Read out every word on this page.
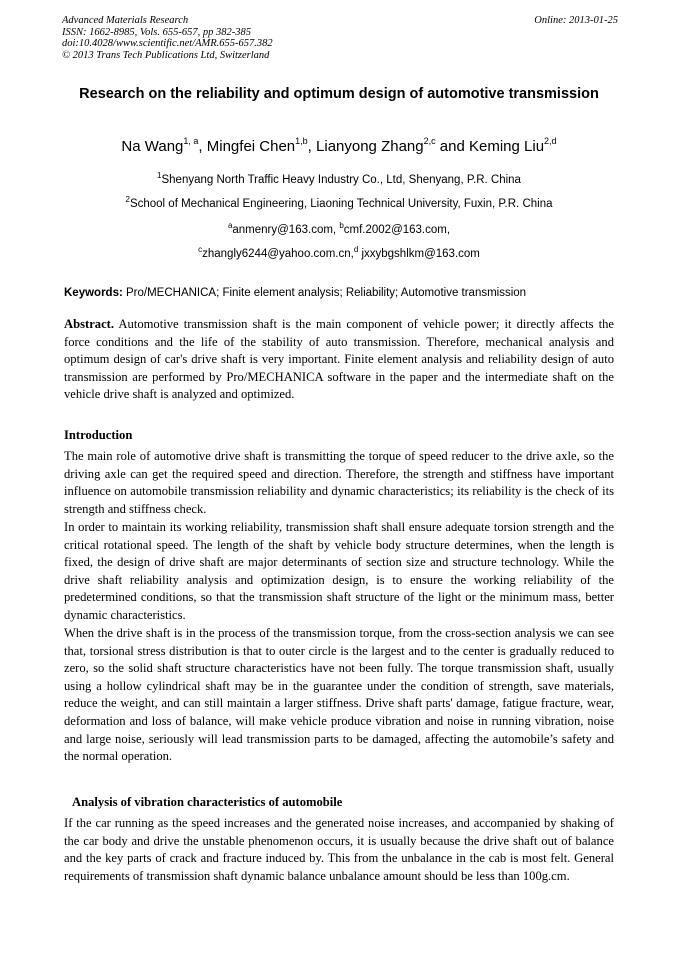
Advanced Materials Research
ISSN: 1662-8985, Vols. 655-657, pp 382-385
doi:10.4028/www.scientific.net/AMR.655-657.382
© 2013 Trans Tech Publications Ltd, Switzerland
Online: 2013-01-25
Research on the reliability and optimum design of automotive transmission
Na Wang$^{1, a}$, Mingfei Chen$^{1,b}$, Lianyong Zhang$^{2,c}$ and Keming Liu$^{2,d}$
$^1$Shenyang North Traffic Heavy Industry Co., Ltd, Shenyang, P.R. China
$^2$School of Mechanical Engineering, Liaoning Technical University, Fuxin, P.R. China
$^a$anmenry@163.com, $^b$cmf.2002@163.com,
$^c$zhangly6244@yahoo.com.cn,$^d$ jxxybgshlkm@163.com
Keywords: Pro/MECHANICA; Finite element analysis; Reliability; Automotive transmission

Abstract. Automotive transmission shaft is the main component of vehicle power; it directly affects the force conditions and the life of the stability of auto transmission. Therefore, mechanical analysis and optimum design of car's drive shaft is very important. Finite element analysis and reliability design of auto transmission are performed by Pro/MECHANICA software in the paper and the intermediate shaft on the vehicle drive shaft is analyzed and optimized.

Introduction

The main role of automotive drive shaft is transmitting the torque of speed reducer to the drive axle, so the driving axle can get the required speed and direction. Therefore, the strength and stiffness have important influence on automobile transmission reliability and dynamic characteristics; its reliability is the check of its strength and stiffness check.

In order to maintain its working reliability, transmission shaft shall ensure adequate torsion strength and the critical rotational speed. The length of the shaft by vehicle body structure determines, when the length is fixed, the design of drive shaft are major determinants of section size and structure technology. While the drive shaft reliability analysis and optimization design, is to ensure the working reliability of the predetermined conditions, so that the transmission shaft structure of the light or the minimum mass, better dynamic characteristics.

When the drive shaft is in the process of the transmission torque, from the cross-section analysis we can see that, torsional stress distribution is that to outer circle is the largest and to the center is gradually reduced to zero, so the solid shaft structure characteristics have not been fully. The torque transmission shaft, usually using a hollow cylindrical shaft may be in the guarantee under the condition of strength, save materials, reduce the weight, and can still maintain a larger stiffness. Drive shaft parts' damage, fatigue fracture, wear, deformation and loss of balance, will make vehicle produce vibration and noise in running vibration, noise and large noise, seriously will lead transmission parts to be damaged, affecting the automobile’s safety and the normal operation.

Analysis of vibration characteristics of automobile

If the car running as the speed increases and the generated noise increases, and accompanied by shaking of the car body and drive the unstable phenomenon occurs, it is usually because the drive shaft out of balance and the key parts of crack and fracture induced by. This from the unbalance in the cab is most felt. General requirements of transmission shaft dynamic balance unbalance amount should be less than 100g.cm.
